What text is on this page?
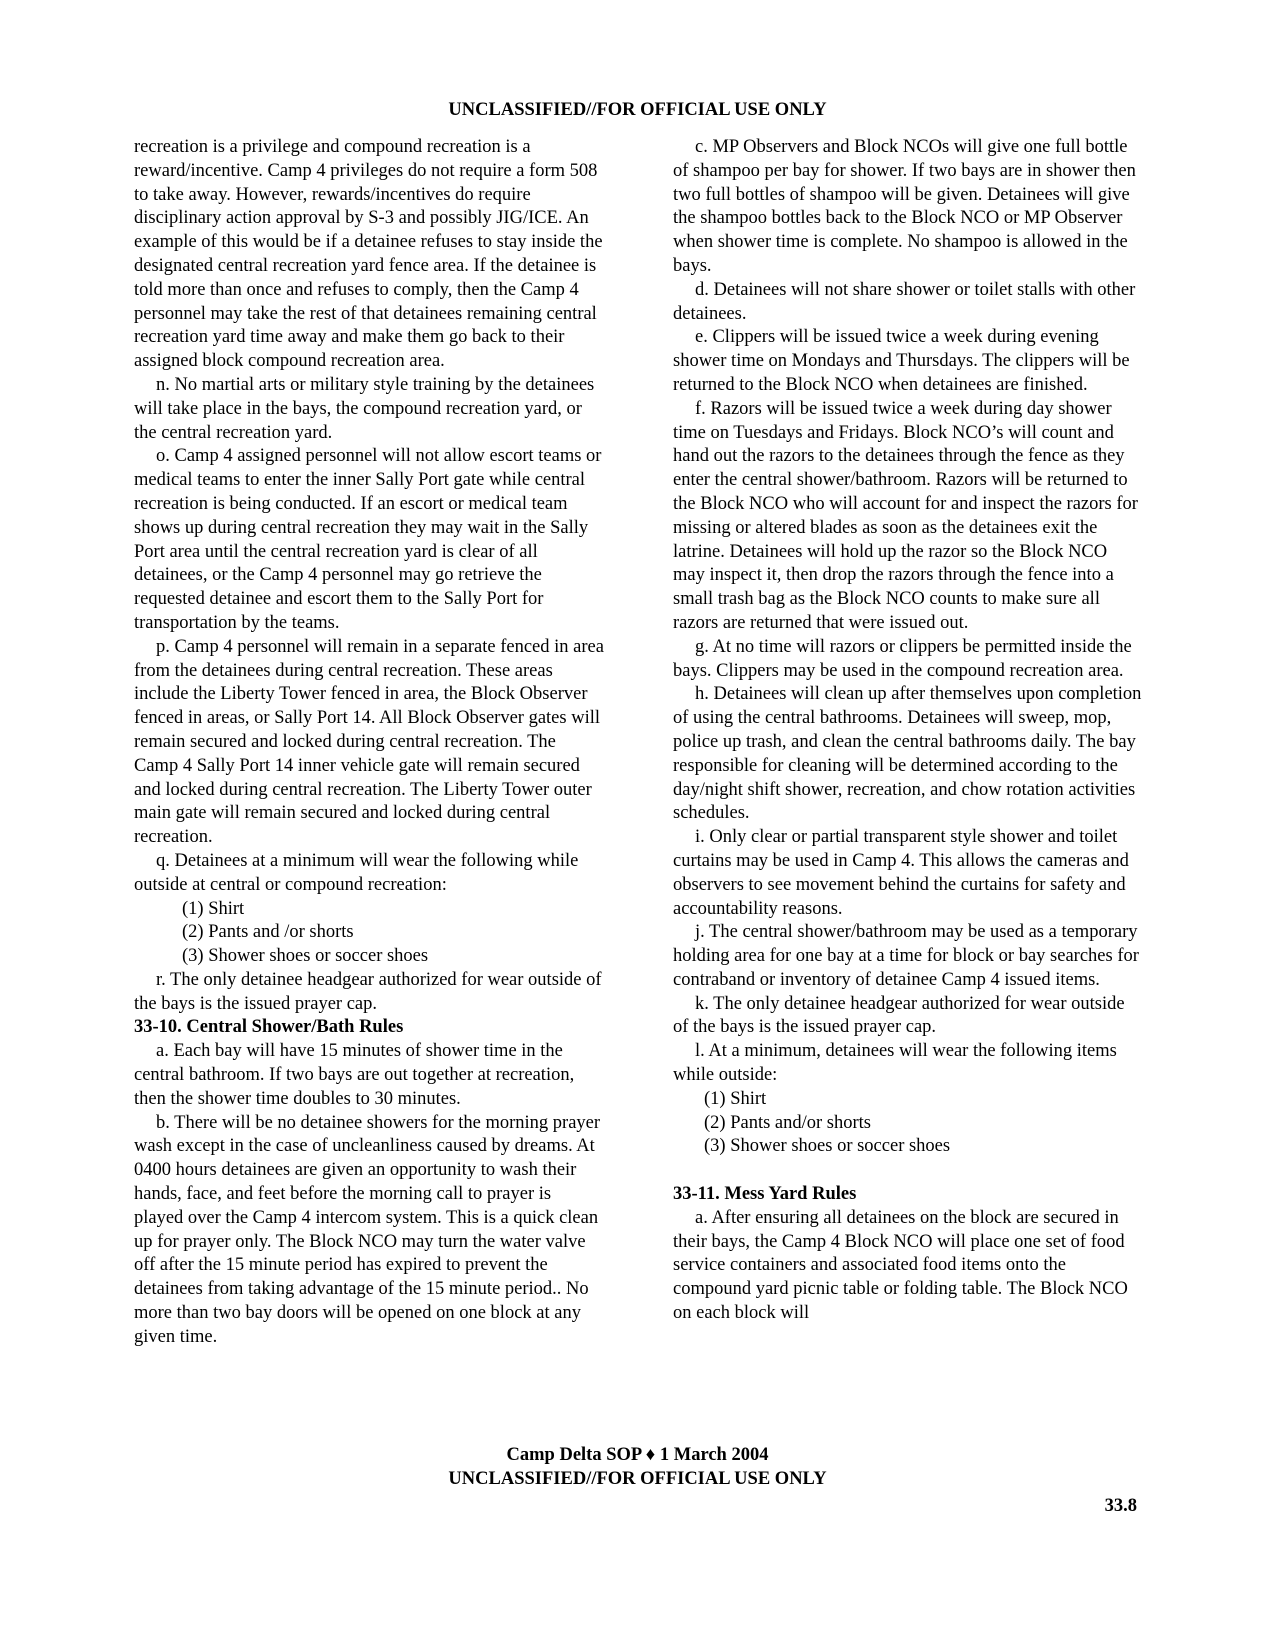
UNCLASSIFIED//FOR OFFICIAL USE ONLY

recreation is a privilege and compound recreation is a reward/incentive. Camp 4 privileges do not require a form 508 to take away. However, rewards/incentives do require disciplinary action approval by S-3 and possibly JIG/ICE. An example of this would be if a detainee refuses to stay inside the designated central recreation yard fence area. If the detainee is told more than once and refuses to comply, then the Camp 4 personnel may take the rest of that detainees remaining central recreation yard time away and make them go back to their assigned block compound recreation area.

n. No martial arts or military style training by the detainees will take place in the bays, the compound recreation yard, or the central recreation yard.

o. Camp 4 assigned personnel will not allow escort teams or medical teams to enter the inner Sally Port gate while central recreation is being conducted. If an escort or medical team shows up during central recreation they may wait in the Sally Port area until the central recreation yard is clear of all detainees, or the Camp 4 personnel may go retrieve the requested detainee and escort them to the Sally Port for transportation by the teams.

p. Camp 4 personnel will remain in a separate fenced in area from the detainees during central recreation. These areas include the Liberty Tower fenced in area, the Block Observer fenced in areas, or Sally Port 14. All Block Observer gates will remain secured and locked during central recreation. The Camp 4 Sally Port 14 inner vehicle gate will remain secured and locked during central recreation. The Liberty Tower outer main gate will remain secured and locked during central recreation.

q. Detainees at a minimum will wear the following while outside at central or compound recreation:

(1) Shirt

(2) Pants and /or shorts

(3) Shower shoes or soccer shoes

r. The only detainee headgear authorized for wear outside of the bays is the issued prayer cap.

33-10. Central Shower/Bath Rules

a. Each bay will have 15 minutes of shower time in the central bathroom. If two bays are out together at recreation, then the shower time doubles to 30 minutes.

b. There will be no detainee showers for the morning prayer wash except in the case of uncleanliness caused by dreams. At 0400 hours detainees are given an opportunity to wash their hands, face, and feet before the morning call to prayer is played over the Camp 4 intercom system. This is a quick clean up for prayer only. The Block NCO may turn the water valve off after the 15 minute period has expired to prevent the detainees from taking advantage of the 15 minute period.. No more than two bay doors will be opened on one block at any given time.

c. MP Observers and Block NCOs will give one full bottle of shampoo per bay for shower. If two bays are in shower then two full bottles of shampoo will be given. Detainees will give the shampoo bottles back to the Block NCO or MP Observer when shower time is complete. No shampoo is allowed in the bays.

d. Detainees will not share shower or toilet stalls with other detainees.

e. Clippers will be issued twice a week during evening shower time on Mondays and Thursdays. The clippers will be returned to the Block NCO when detainees are finished.

f. Razors will be issued twice a week during day shower time on Tuesdays and Fridays. Block NCO’s will count and hand out the razors to the detainees through the fence as they enter the central shower/bathroom. Razors will be returned to the Block NCO who will account for and inspect the razors for missing or altered blades as soon as the detainees exit the latrine. Detainees will hold up the razor so the Block NCO may inspect it, then drop the razors through the fence into a small trash bag as the Block NCO counts to make sure all razors are returned that were issued out.

g. At no time will razors or clippers be permitted inside the bays. Clippers may be used in the compound recreation area.

h. Detainees will clean up after themselves upon completion of using the central bathrooms. Detainees will sweep, mop, police up trash, and clean the central bathrooms daily. The bay responsible for cleaning will be determined according to the day/night shift shower, recreation, and chow rotation activities schedules.

i. Only clear or partial transparent style shower and toilet curtains may be used in Camp 4. This allows the cameras and observers to see movement behind the curtains for safety and accountability reasons.

j. The central shower/bathroom may be used as a temporary holding area for one bay at a time for block or bay searches for contraband or inventory of detainee Camp 4 issued items.

k. The only detainee headgear authorized for wear outside of the bays is the issued prayer cap.

l. At a minimum, detainees will wear the following items while outside:

(1) Shirt

(2) Pants and/or shorts

(3) Shower shoes or soccer shoes

33-11. Mess Yard Rules

a. After ensuring all detainees on the block are secured in their bays, the Camp 4 Block NCO will place one set of food service containers and associated food items onto the compound yard picnic table or folding table. The Block NCO on each block will

Camp Delta SOP ♦ 1 March 2004
UNCLASSIFIED//FOR OFFICIAL USE ONLY
33.8
